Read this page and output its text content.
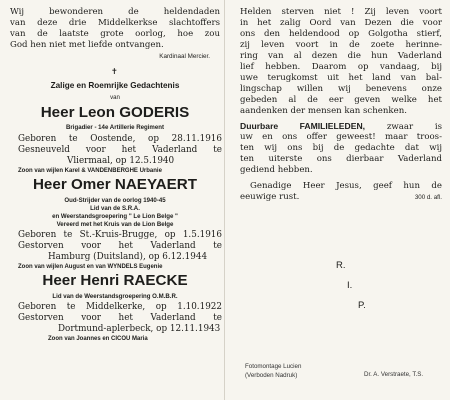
Wij bewonderen de heldendaden
van deze drie Middelkerkse slachtoffers
van de laatste grote oorlog, hoe zou
God hen niet met liefde ontvangen.
Kardinaal Mercier.
✝
Zalige en Roemrijke Gedachtenis
van
Heer Leon GODERIS
Brigadier - 14e Artillerie Regiment
Geboren te Oostende, op 28.11.1916
Gesneuveld voor het Vaderland te
Vliermaal, op 12.5.1940
Zoon van wijlen Karel & VANDENBERGHE Urbanie
Heer Omer NAEYAERT
Oud-Strijder van de oorlog 1940-45
Lid van de S.R.A.
en Weerstandsgroepering " Le Lion Belge "
Vereerd met het Kruis van de Lion Belge
Geboren te St.-Kruis-Brugge, op 1.5.1916
Gestorven voor het Vaderland te
Hamburg (Duitsland), op 6.12.1944
Zoon van wijlen August en van WYNDELS Eugenie
Heer Henri RAECKE
Lid van de Weerstandsgroepering O.M.B.R.
Geboren te Middelkerke, op 1.10.1922
Gestorven voor het Vaderland te
Dortmund-aplerbeck, op 12.11.1943
Zoon van Joannes en CICOU Maria
Helden sterven niet ! Zij leven voort
in het zalig Oord van Dezen die voor
ons den heldendood op Golgotha stierf,
zij leven voort in de zoete herinne-
ring van al dezen die hun Vaderland
lief hebben. Daarom op vandaag, bij
uwe terugkomst uit het land van bal-
lingschap willen wij benevens onze
gebeden al de eer geven welke het
aandenken der mensen kan schenken.
Duurbare FAMILIELEDEN,	zwaar is
uw en ons offer geweest! maar troos-
ten wij ons bij de gedachte dat wij
ten uiterste ons dierbaar Vaderland
gediend hebben.
Genadige Heer Jesus, geef hun de
eeuwige rust.	300 d. afl.
R.
I.
P.
Fotomontage Lucien
(Verboden Nadruk)	Dr. A. Verstraete, T.S.
